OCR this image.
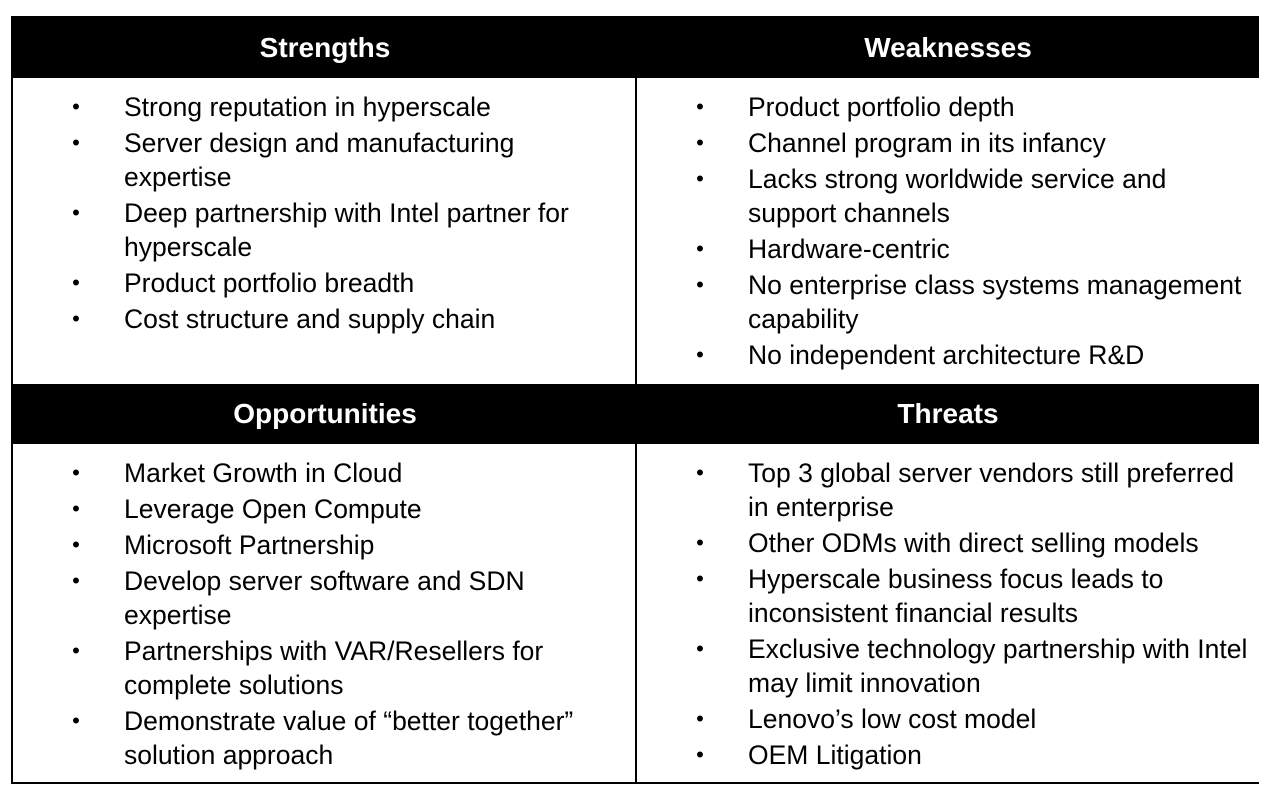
Strengths	Weaknesses
• Strong reputation in hyperscale
• Server design and manufacturing expertise
• Deep partnership with Intel partner for hyperscale
• Product portfolio breadth
• Cost structure and supply chain
• Product portfolio depth
• Channel program in its infancy
• Lacks strong worldwide service and support channels
• Hardware-centric
• No enterprise class systems management capability
• No independent architecture R&D
Opportunities	Threats
• Market Growth in Cloud
• Leverage Open Compute
• Microsoft Partnership
• Develop server software and SDN expertise
• Partnerships with VAR/Resellers for complete solutions
• Demonstrate value of “better together” solution approach
• Top 3 global server vendors still preferred in enterprise
• Other ODMs with direct selling models
• Hyperscale business focus leads to inconsistent financial results
• Exclusive technology partnership with Intel may limit innovation
• Lenovo’s low cost model
• OEM Litigation
